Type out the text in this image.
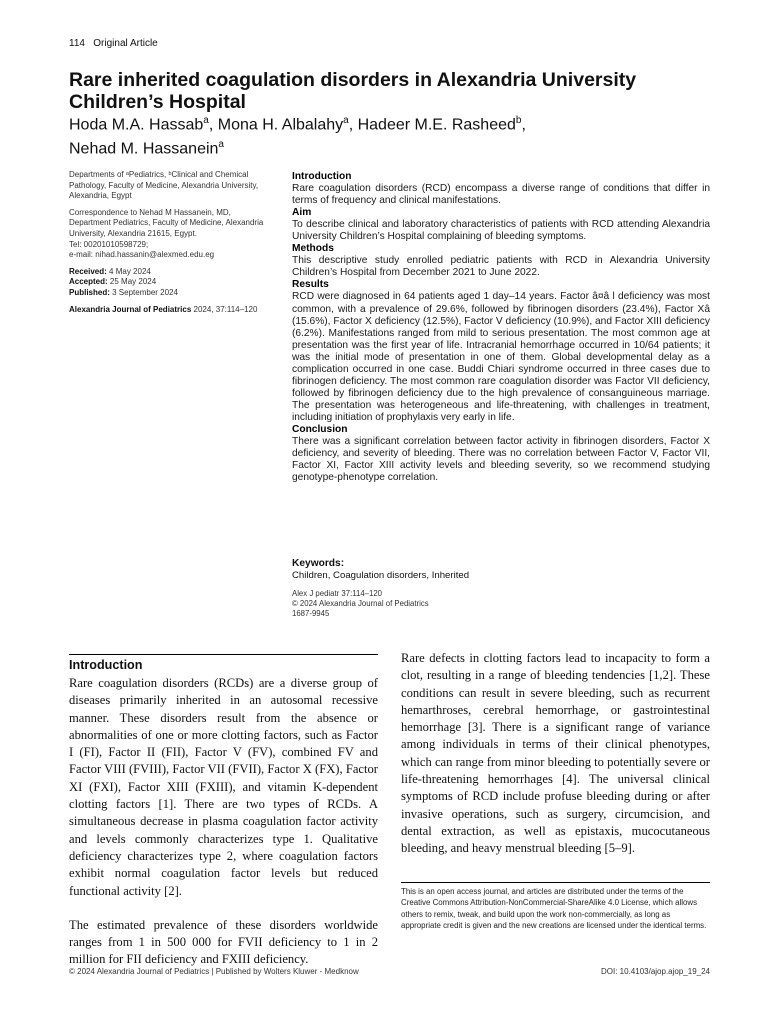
114   Original Article
Rare inherited coagulation disorders in Alexandria University Children’s Hospital
Hoda M.A. Hassab$^a$, Mona H. Albalahy$^a$, Hadeer M.E. Rasheed$^b$,
Nehad M. Hassanein$^a$

Departments of ᵃPediatrics, ᵇClinical and Chemical Pathology, Faculty of Medicine, Alexandria University, Alexandria, Egypt

Correspondence to Nehad M Hassanein, MD, Department Pediatrics, Faculty of Medicine, Alexandria University, Alexandria 21615, Egypt.
Tel: 00201010598729;
e-mail: nihad.hassanin@alexmed.edu.eg

Received: 4 May 2024
Accepted: 25 May 2024
Published: 3 September 2024

Alexandria Journal of Pediatrics 2024, 37:114–120

Introduction

Rare coagulation disorders (RCD) encompass a diverse range of conditions that differ in terms of frequency and clinical manifestations.

Aim

To describe clinical and laboratory characteristics of patients with RCD attending Alexandria University Children’s Hospital complaining of bleeding symptoms.

Methods

This descriptive study enrolled pediatric patients with RCD in Alexandria University Children’s Hospital from December 2021 to June 2022.

Results

RCD were diagnosed in 64 patients aged 1 day–14 years. Factor â¤â l deficiency was most common, with a prevalence of 29.6%, followed by fibrinogen disorders (23.4%), Factor Xâ (15.6%), Factor X deficiency (12.5%), Factor V deficiency (10.9%), and Factor XIII deficiency (6.2%). Manifestations ranged from mild to serious presentation. The most common age at presentation was the first year of life. Intracranial hemorrhage occurred in 10/64 patients; it was the initial mode of presentation in one of them. Global developmental delay as a complication occurred in one case. Buddi Chiari syndrome occurred in three cases due to fibrinogen deficiency. The most common rare coagulation disorder was Factor VII deficiency, followed by fibrinogen deficiency due to the high prevalence of consanguineous marriage. The presentation was heterogeneous and life-threatening, with challenges in treatment, including initiation of prophylaxis very early in life.

Conclusion

There was a significant correlation between factor activity in fibrinogen disorders, Factor X deficiency, and severity of bleeding. There was no correlation between Factor V, Factor VII, Factor XI, Factor XIII activity levels and bleeding severity, so we recommend studying genotype-phenotype correlation.

Keywords:

Children, Coagulation disorders, Inherited

Alex J pediatr 37:114–120
© 2024 Alexandria Journal of Pediatrics
1687-9945
Introduction

Rare coagulation disorders (RCDs) are a diverse group of diseases primarily inherited in an autosomal recessive manner. These disorders result from the absence or abnormalities of one or more clotting factors, such as Factor I (FI), Factor II (FII), Factor V (FV), combined FV and Factor VIII (FVIII), Factor VII (FVII), Factor X (FX), Factor XI (FXI), Factor XIII (FXIII), and vitamin K-dependent clotting factors [1]. There are two types of RCDs. A simultaneous decrease in plasma coagulation factor activity and levels commonly characterizes type 1. Qualitative deficiency characterizes type 2, where coagulation factors exhibit normal coagulation factor levels but reduced functional activity [2].

The estimated prevalence of these disorders worldwide ranges from 1 in 500 000 for FVII deficiency to 1 in 2 million for FII deficiency and FXIII deficiency.

Rare defects in clotting factors lead to incapacity to form a clot, resulting in a range of bleeding tendencies [1,2]. These conditions can result in severe bleeding, such as recurrent hemarthroses, cerebral hemorrhage, or gastrointestinal hemorrhage [3]. There is a significant range of variance among individuals in terms of their clinical phenotypes, which can range from minor bleeding to potentially severe or life-threatening hemorrhages [4]. The universal clinical symptoms of RCD include profuse bleeding during or after invasive operations, such as surgery, circumcision, and dental extraction, as well as epistaxis, mucocutaneous bleeding, and heavy menstrual bleeding [5–9].

This is an open access journal, and articles are distributed under the terms of the Creative Commons Attribution-NonCommercial-ShareAlike 4.0 License, which allows others to remix, tweak, and build upon the work non-commercially, as long as appropriate credit is given and the new creations are licensed under the identical terms.
© 2024 Alexandria Journal of Pediatrics | Published by Wolters Kluwer - Medknow	DOI: 10.4103/ajop.ajop_19_24
